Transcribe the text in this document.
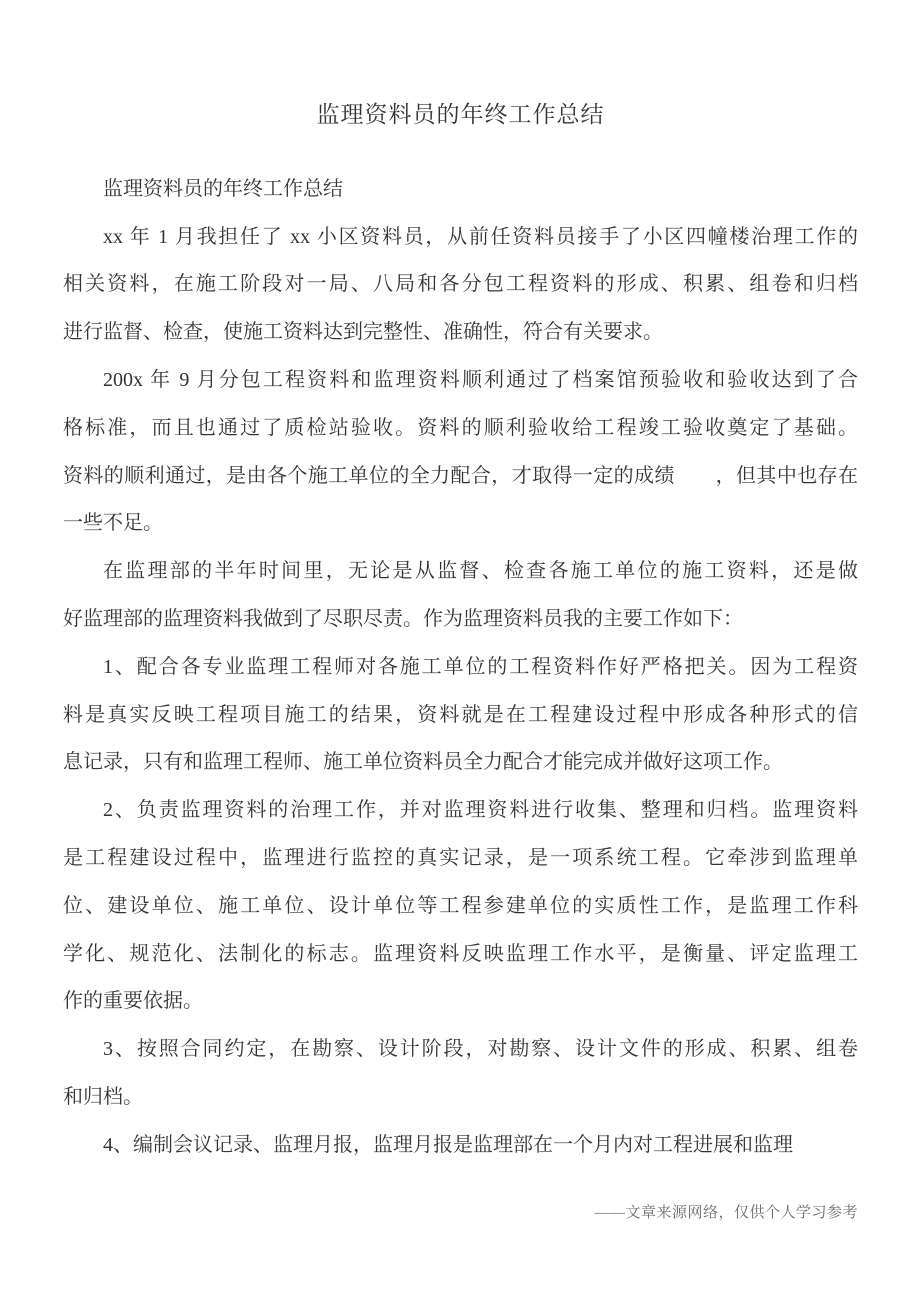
监理资料员的年终工作总结

监理资料员的年终工作总结

xx 年 1 月我担任了 xx 小区资料员，从前任资料员接手了小区四幢楼治理工作的
相关资料，在施工阶段对一局、八局和各分包工程资料的形成、积累、组卷和归档
进行监督、检查，使施工资料达到完整性、准确性，符合有关要求。

200x 年 9 月分包工程资料和监理资料顺利通过了档案馆预验收和验收达到了合
格标准，而且也通过了质检站验收。资料的顺利验收给工程竣工验收奠定了基础。
资料的顺利通过，是由各个施工单位的全力配合，才取得一定的成绩　　，但其中也存在
一些不足。

在监理部的半年时间里，无论是从监督、检查各施工单位的施工资料，还是做
好监理部的监理资料我做到了尽职尽责。作为监理资料员我的主要工作如下：

1、配合各专业监理工程师对各施工单位的工程资料作好严格把关。因为工程资
料是真实反映工程项目施工的结果，资料就是在工程建设过程中形成各种形式的信
息记录，只有和监理工程师、施工单位资料员全力配合才能完成并做好这项工作。

2、负责监理资料的治理工作，并对监理资料进行收集、整理和归档。监理资料
是工程建设过程中，监理进行监控的真实记录，是一项系统工程。它牵涉到监理单
位、建设单位、施工单位、设计单位等工程参建单位的实质性工作，是监理工作科
学化、规范化、法制化的标志。监理资料反映监理工作水平，是衡量、评定监理工
作的重要依据。

3、按照合同约定，在勘察、设计阶段，对勘察、设计文件的形成、积累、组卷
和归档。

4、编制会议记录、监理月报，监理月报是监理部在一个月内对工程进展和监理

——文章来源网络，仅供个人学习参考
